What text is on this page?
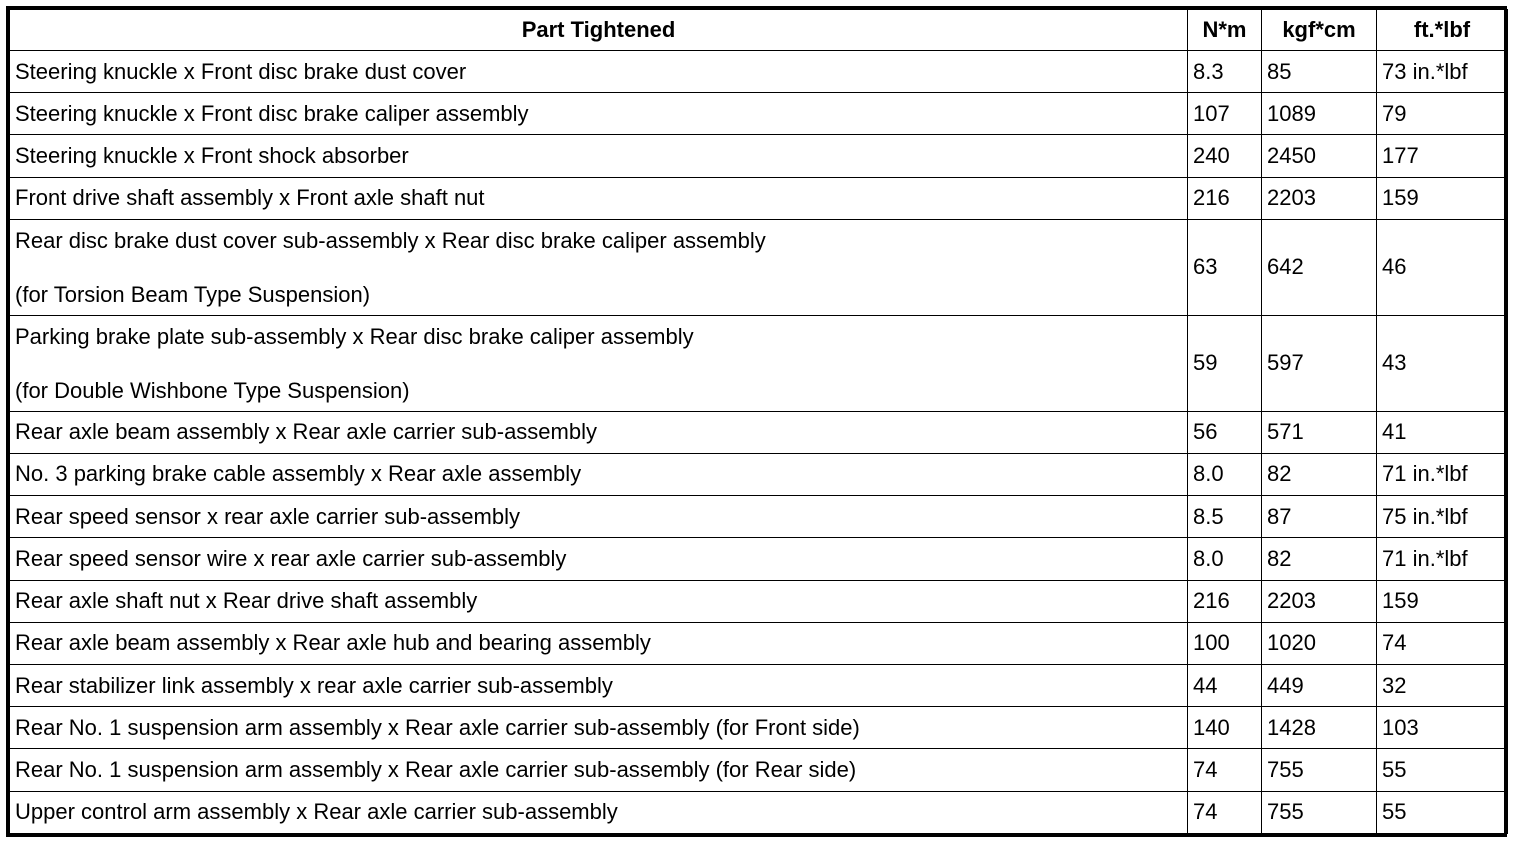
Part Tightened	N*m	kgf*cm	ft.*lbf
Steering knuckle x Front disc brake dust cover	8.3	85	73 in.*lbf
Steering knuckle x Front disc brake caliper assembly	107	1089	79
Steering knuckle x Front shock absorber	240	2450	177
Front drive shaft assembly x Front axle shaft nut	216	2203	159

Rear disc brake dust cover sub-assembly x Rear disc brake caliper assembly
(for Torsion Beam Type Suspension)	63	642	46

Parking brake plate sub-assembly x Rear disc brake caliper assembly
(for Double Wishbone Type Suspension)	59	597	43
Rear axle beam assembly x Rear axle carrier sub-assembly	56	571	41
No. 3 parking brake cable assembly x Rear axle assembly	8.0	82	71 in.*lbf
Rear speed sensor x rear axle carrier sub-assembly	8.5	87	75 in.*lbf
Rear speed sensor wire x rear axle carrier sub-assembly	8.0	82	71 in.*lbf
Rear axle shaft nut x Rear drive shaft assembly	216	2203	159
Rear axle beam assembly x Rear axle hub and bearing assembly	100	1020	74
Rear stabilizer link assembly x rear axle carrier sub-assembly	44	449	32
Rear No. 1 suspension arm assembly x Rear axle carrier sub-assembly (for Front side)	140	1428	103
Rear No. 1 suspension arm assembly x Rear axle carrier sub-assembly (for Rear side)	74	755	55
Upper control arm assembly x Rear axle carrier sub-assembly	74	755	55
